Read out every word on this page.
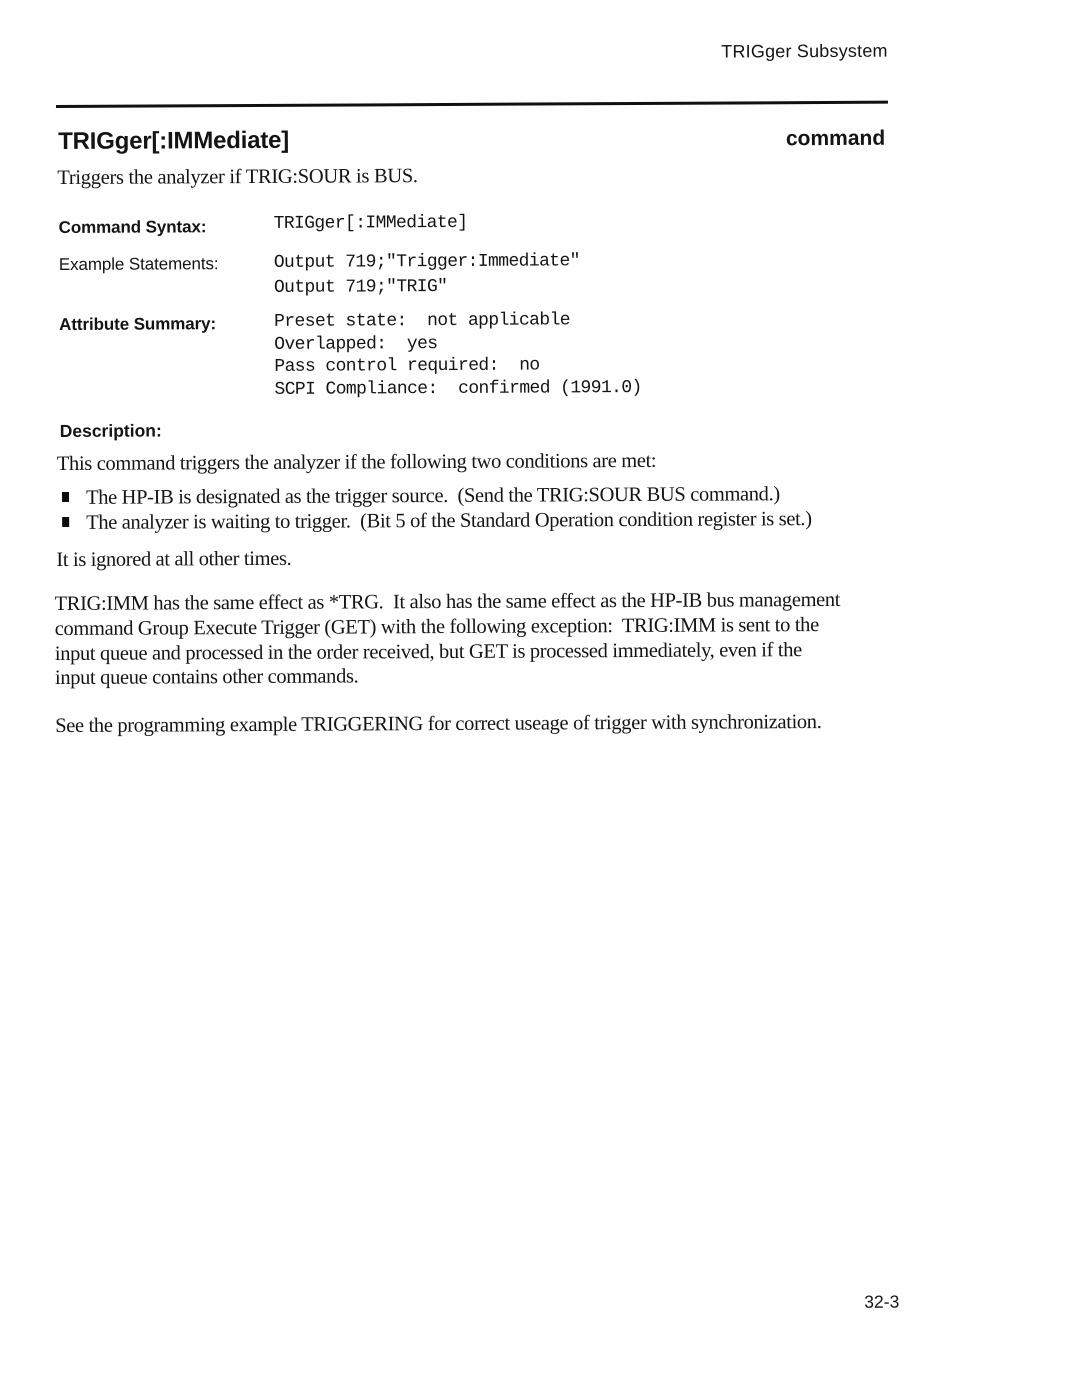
TRIGger Subsystem
TRIGger[:IMMediate]	command
Triggers the analyzer if TRIG:SOUR is BUS.
Command Syntax:	TRIGger[:IMMediate]
Example Statements:	Output 719;"Trigger:Immediate"
Output 719;"TRIG"
Attribute Summary:	Preset state:  not applicable
Overlapped:  yes
Pass control required:  no
SCPI Compliance:  confirmed (1991.0)
Description:
This command triggers the analyzer if the following two conditions are met:
The HP-IB is designated as the trigger source.  (Send the TRIG:SOUR BUS command.)
The analyzer is waiting to trigger.  (Bit 5 of the Standard Operation condition register is set.)
It is ignored at all other times.
TRIG:IMM has the same effect as *TRG.  It also has the same effect as the HP-IB bus management
command Group Execute Trigger (GET) with the following exception:  TRIG:IMM is sent to the
input queue and processed in the order received, but GET is processed immediately, even if the
input queue contains other commands.
See the programming example TRIGGERING for correct useage of trigger with synchronization.
32-3
